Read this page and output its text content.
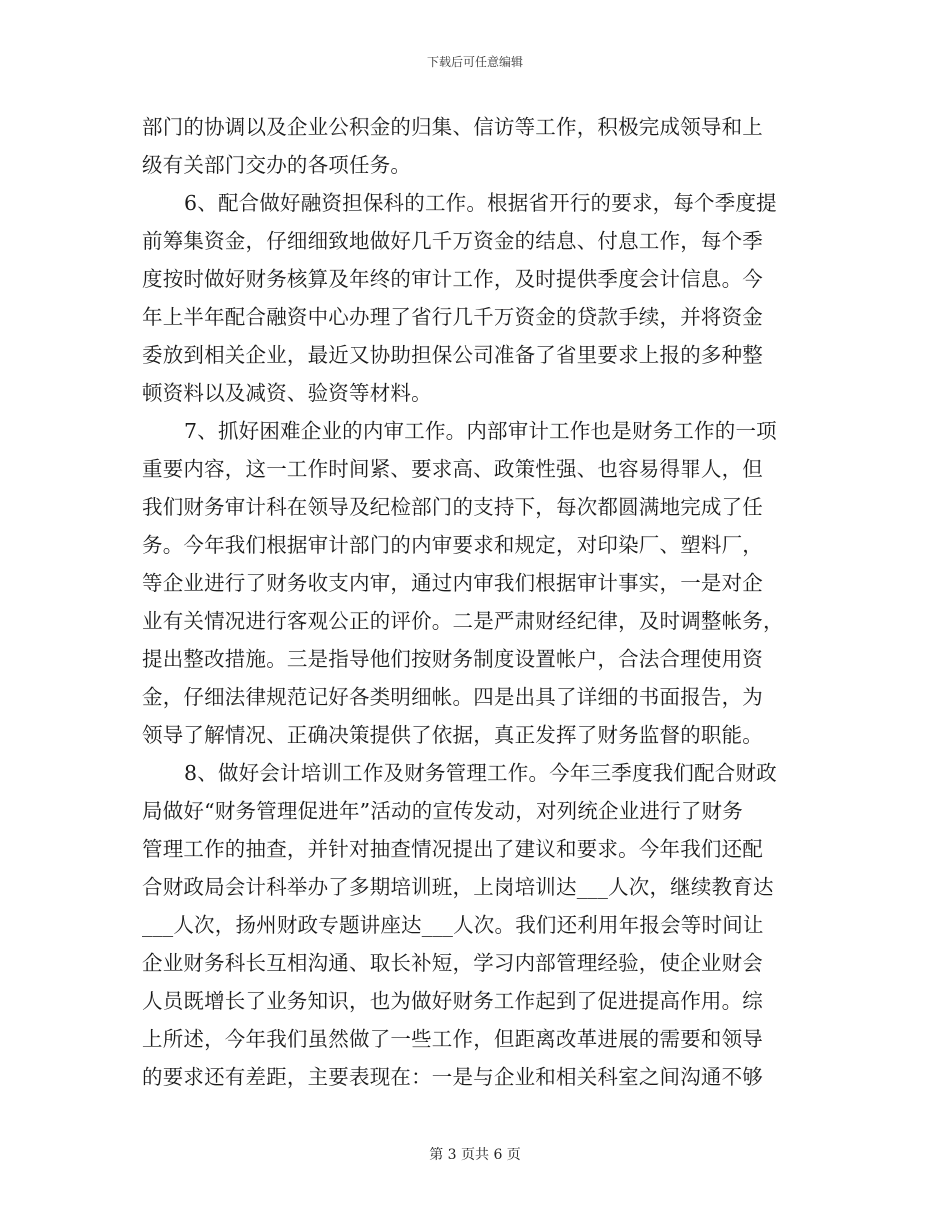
下载后可任意编辑
部门的协调以及企业公积金的归集、信访等工作，积极完成领导和上
级有关部门交办的各项任务。
6、配合做好融资担保科的工作。根据省开行的要求，每个季度提
前筹集资金，仔细细致地做好几千万资金的结息、付息工作，每个季
度按时做好财务核算及年终的审计工作，及时提供季度会计信息。今
年上半年配合融资中心办理了省行几千万资金的贷款手续，并将资金
委放到相关企业，最近又协助担保公司准备了省里要求上报的多种整
顿资料以及减资、验资等材料。
7、抓好困难企业的内审工作。内部审计工作也是财务工作的一项
重要内容，这一工作时间紧、要求高、政策性强、也容易得罪人，但
我们财务审计科在领导及纪检部门的支持下，每次都圆满地完成了任
务。今年我们根据审计部门的内审要求和规定，对印染厂、塑料厂，
等企业进行了财务收支内审，通过内审我们根据审计事实，一是对企
业有关情况进行客观公正的评价。二是严肃财经纪律，及时调整帐务，
提出整改措施。三是指导他们按财务制度设置帐户，合法合理使用资
金，仔细法律规范记好各类明细帐。四是出具了详细的书面报告，为
领导了解情况、正确决策提供了依据，真正发挥了财务监督的职能。
8、做好会计培训工作及财务管理工作。今年三季度我们配合财政
局做好“财务管理促进年”活动的宣传发动，对列统企业进行了财务
管理工作的抽查，并针对抽查情况提出了建议和要求。今年我们还配
合财政局会计科举办了多期培训班，上岗培训达___人次，继续教育达
___人次，扬州财政专题讲座达___人次。我们还利用年报会等时间让
企业财务科长互相沟通、取长补短，学习内部管理经验，使企业财会
人员既增长了业务知识，也为做好财务工作起到了促进提高作用。综
上所述，今年我们虽然做了一些工作，但距离改革进展的需要和领导
的要求还有差距，主要表现在：一是与企业和相关科室之间沟通不够
第 3 页共 6 页
